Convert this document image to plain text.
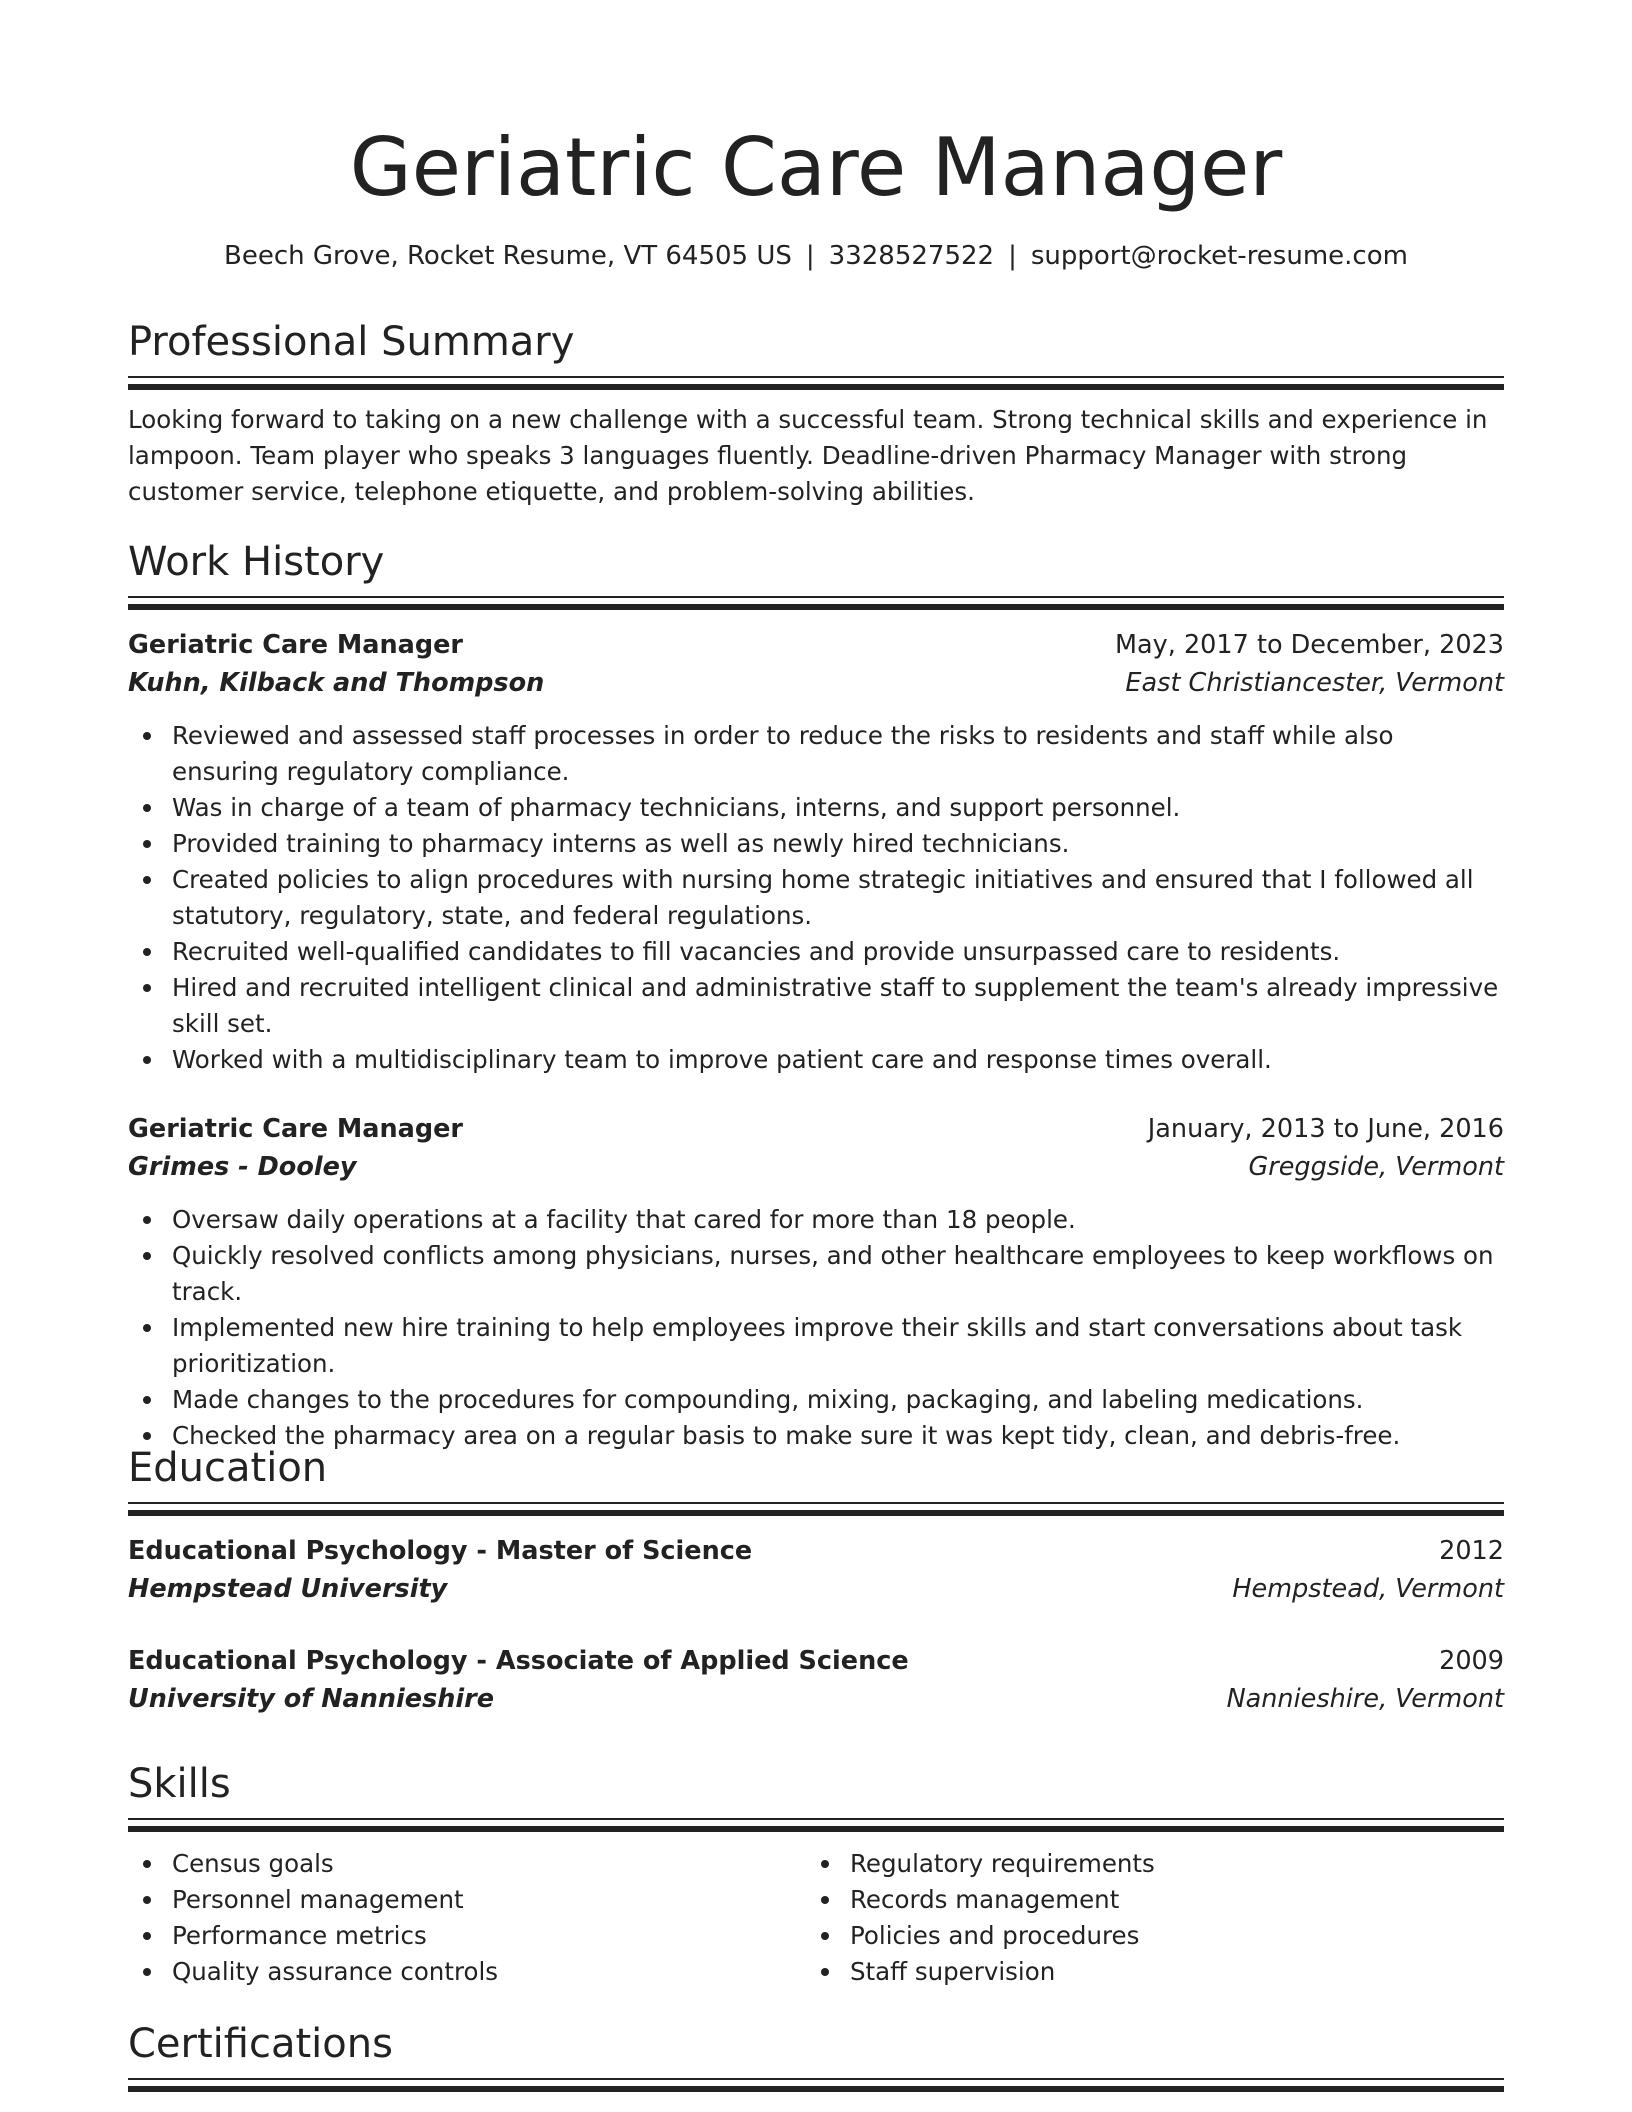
Geriatric Care Manager
Beech Grove, Rocket Resume, VT 64505 US | 3328527522 | support@rocket-resume.com
Professional Summary

Looking forward to taking on a new challenge with a successful team. Strong technical skills and experience in lampoon. Team player who speaks 3 languages fluently. Deadline-driven Pharmacy Manager with strong customer service, telephone etiquette, and problem-solving abilities.

Work History
Geriatric Care Manager	May, 2017 to December, 2023
Kuhn, Kilback and Thompson	East Christiancester, Vermont
Reviewed and assessed staff processes in order to reduce the risks to residents and staff while also ensuring regulatory compliance.
Was in charge of a team of pharmacy technicians, interns, and support personnel.
Provided training to pharmacy interns as well as newly hired technicians.
Created policies to align procedures with nursing home strategic initiatives and ensured that I followed all statutory, regulatory, state, and federal regulations.
Recruited well-qualified candidates to fill vacancies and provide unsurpassed care to residents.
Hired and recruited intelligent clinical and administrative staff to supplement the team's already impressive skill set.
Worked with a multidisciplinary team to improve patient care and response times overall.
Geriatric Care Manager	January, 2013 to June, 2016
Grimes - Dooley	Greggside, Vermont
Oversaw daily operations at a facility that cared for more than 18 people.
Quickly resolved conflicts among physicians, nurses, and other healthcare employees to keep workflows on track.
Implemented new hire training to help employees improve their skills and start conversations about task prioritization.
Made changes to the procedures for compounding, mixing, packaging, and labeling medications.
Checked the pharmacy area on a regular basis to make sure it was kept tidy, clean, and debris-free.
Education
Educational Psychology - Master of Science	2012
Hempstead University	Hempstead, Vermont
Educational Psychology - Associate of Applied Science	2009
University of Nannieshire	Nannieshire, Vermont
Skills
Census goals
Personnel management
Performance metrics
Quality assurance controls
Regulatory requirements
Records management
Policies and procedures
Staff supervision
Certifications
